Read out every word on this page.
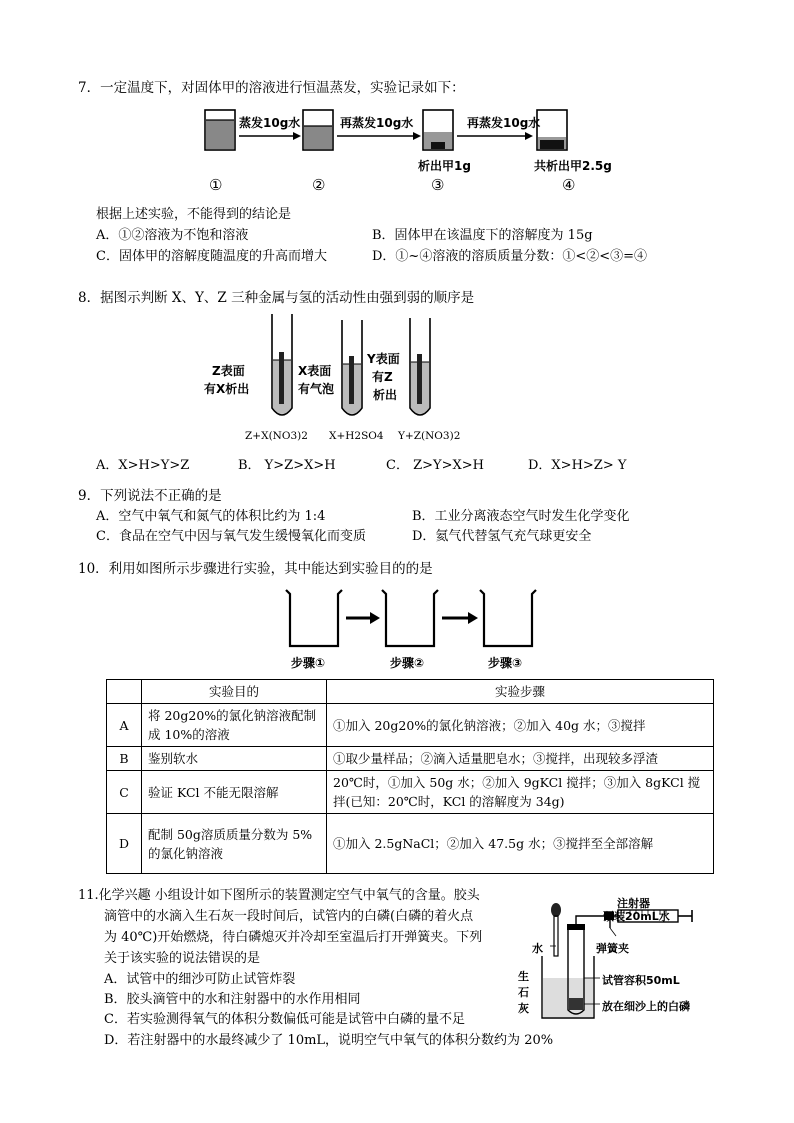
7．一定温度下，对固体甲的溶液进行恒温蒸发，实验记录如下：
蒸发10g水	再蒸发10g水	再蒸发10g水
析出甲1g	共析出甲2.5g
①	②	③	④
根据上述实验，不能得到的结论是
A．①②溶液为不饱和溶液	B．固体甲在该温度下的溶解度为 15g
C．固体甲的溶解度随温度的升高而增大	D．①~④溶液的溶质质量分数：①<②<③=④
8．据图示判断 X、Y、Z 三种金属与氢的活动性由强到弱的顺序是
Z表面
有X析出
X表面
有气泡
Y表面
有Z
析出
Z+X(NO3)2 X+H2SO4 Y+Z(NO3)2
A．X>H>Y>Z	B． Y>Z>X>H	C． Z>Y>X>H	D．X>H>Z> Y
9．下列说法不正确的是
A．空气中氧气和氮气的体积比约为 1:4	B．工业分离液态空气时发生化学变化
C．食品在空气中因与氧气发生缓慢氧化而变质	D．氦气代替氢气充气球更安全
10．利用如图所示步骤进行实验，其中能达到实验目的的是
步骤①	步骤②	步骤③
	实验目的	实验步骤
A	将 20g20%的氯化钠溶液配制成 10%的溶液	①加入 20g20%的氯化钠溶液；②加入 40g 水；③搅拌
B	鉴别软水	①取少量样品；②滴入适量肥皂水；③搅拌，出现较多浮渣
C	验证 KCl 不能无限溶解	20℃时，①加入 50g 水；②加入 9gKCl 搅拌；③加入 8gKCl 搅拌(已知：20℃时，KCl 的溶解度为 34g)
D	配制 50g溶质质量分数为 5%的氯化钠溶液	①加入 2.5gNaCl；②加入 47.5g 水；③搅拌至全部溶解
11.化学兴趣 小组设计如下图所示的装置测定空气中氧气的含量。胶头
滴管中的水滴入生石灰一段时间后，试管内的白磷(白磷的着火点
为 40℃)开始燃烧，待白磷熄灭并冷却至室温后打开弹簧夹。下列
关于该实验的说法错误的是
A．试管中的细沙可防止试管炸裂
B．胶头滴管中的水和注射器中的水作用相同
C．若实验测得氧气的体积分数偏低可能是试管中白磷的量不足
D．若注射器中的水最终减少了 10mL，说明空气中氧气的体积分数约为 20%
注射器
预装20mL水
水	弹簧夹
生
石
灰
试管容积50mL
放在细沙上的白磷
